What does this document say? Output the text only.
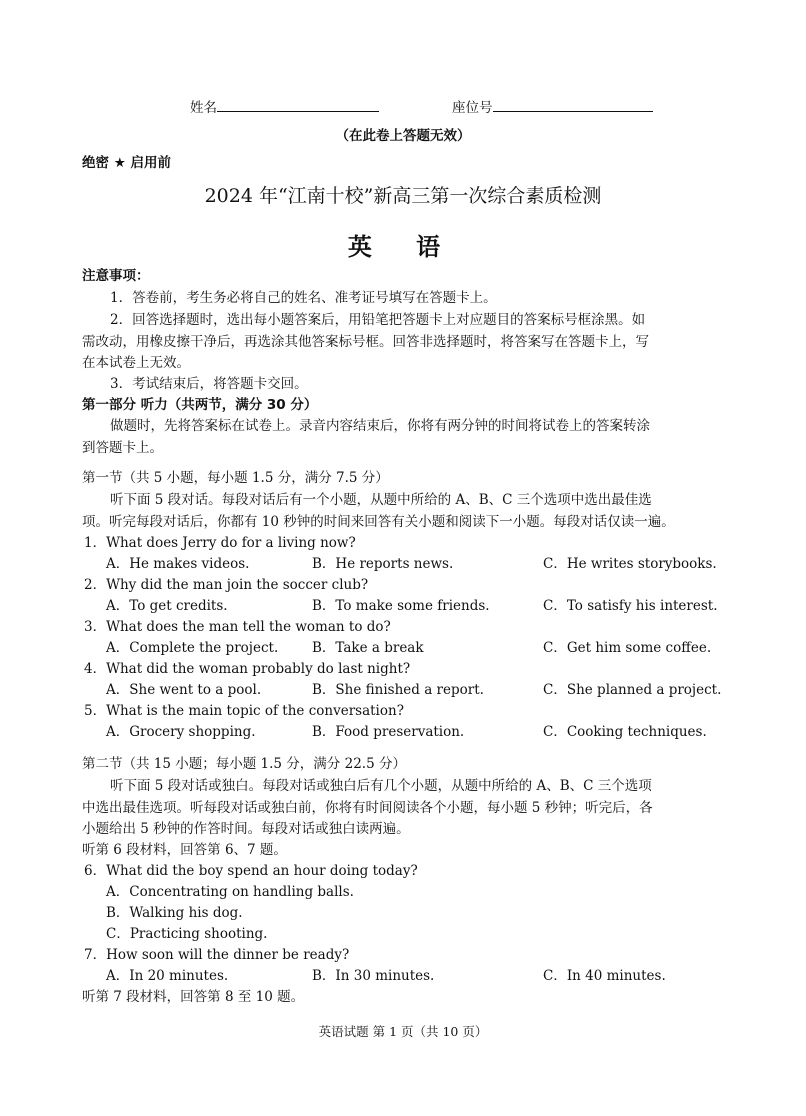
姓名	座位号
（在此卷上答题无效）
绝密 ★ 启用前
2024 年“江南十校”新高三第一次综合素质检测
英 语
注意事项：
1．答卷前，考生务必将自己的姓名、准考证号填写在答题卡上。
2．回答选择题时，选出每小题答案后，用铅笔把答题卡上对应题目的答案标号框涂黑。如
需改动，用橡皮擦干净后，再选涂其他答案标号框。回答非选择题时，将答案写在答题卡上，写
在本试卷上无效。
3．考试结束后，将答题卡交回。
第一部分 听力（共两节，满分 30 分）
做题时，先将答案标在试卷上。录音内容结束后，你将有两分钟的时间将试卷上的答案转涂
到答题卡上。
第一节（共 5 小题，每小题 1.5 分，满分 7.5 分）
听下面 5 段对话。每段对话后有一个小题，从题中所给的 A、B、C 三个选项中选出最佳选
项。听完每段对话后，你都有 10 秒钟的时间来回答有关小题和阅读下一小题。每段对话仅读一遍。
1．What does Jerry do for a living now?
A．He makes videos.	B．He reports news.	C．He writes storybooks.
2．Why did the man join the soccer club?
A．To get credits.	B．To make some friends.	C．To satisfy his interest.
3．What does the man tell the woman to do?
A．Complete the project.	B．Take a break	C．Get him some coffee.
4．What did the woman probably do last night?
A．She went to a pool.	B．She finished a report.	C．She planned a project.
5．What is the main topic of the conversation?
A．Grocery shopping.	B．Food preservation.	C．Cooking techniques.
第二节（共 15 小题；每小题 1.5 分，满分 22.5 分）
听下面 5 段对话或独白。每段对话或独白后有几个小题，从题中所给的 A、B、C 三个选项
中选出最佳选项。听每段对话或独白前，你将有时间阅读各个小题，每小题 5 秒钟；听完后，各
小题给出 5 秒钟的作答时间。每段对话或独白读两遍。
听第 6 段材料，回答第 6、7 题。
6．What did the boy spend an hour doing today?
A．Concentrating on handling balls.
B．Walking his dog.
C．Practicing shooting.
7．How soon will the dinner be ready?
A．In 20 minutes.	B．In 30 minutes.	C．In 40 minutes.
听第 7 段材料，回答第 8 至 10 题。
英语试题 第 1 页（共 10 页）
